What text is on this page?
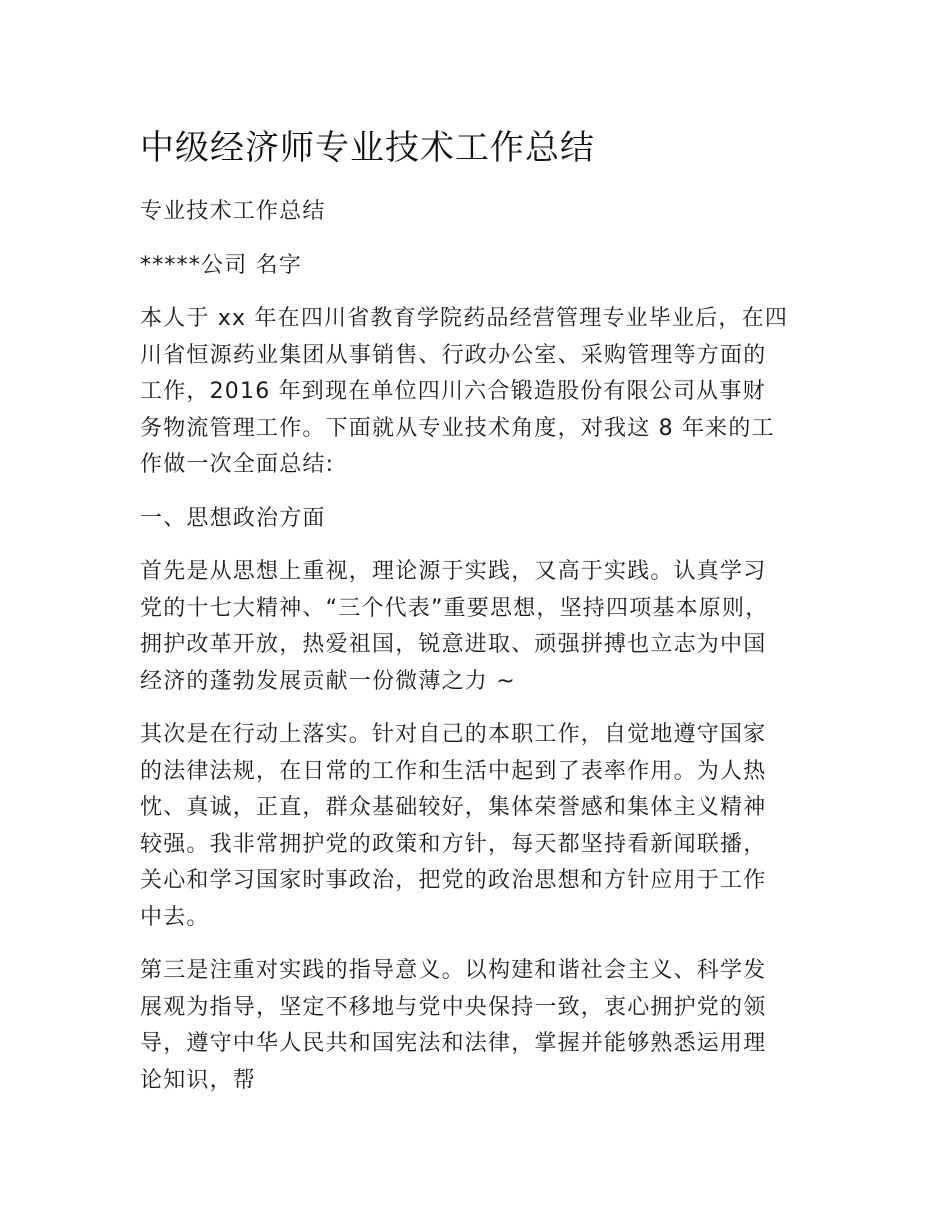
中级经济师专业技术工作总结

专业技术工作总结

*****公司 名字

本人于 xx 年在四川省教育学院药品经营管理专业毕业后，在四
川省恒源药业集团从事销售、行政办公室、采购管理等方面的
工作，2016 年到现在单位四川六合锻造股份有限公司从事财
务物流管理工作。下面就从专业技术角度，对我这 8 年来的工
作做一次全面总结:

一、思想政治方面

首先是从思想上重视，理论源于实践，又高于实践。认真学习
党的十七大精神、“三个代表”重要思想，坚持四项基本原则，
拥护改革开放，热爱祖国，锐意进取、顽强拼搏也立志为中国
经济的蓬勃发展贡献一份微薄之力 ~

其次是在行动上落实。针对自己的本职工作，自觉地遵守国家
的法律法规，在日常的工作和生活中起到了表率作用。为人热
忱、真诚，正直，群众基础较好，集体荣誉感和集体主义精神
较强。我非常拥护党的政策和方针，每天都坚持看新闻联播，
关心和学习国家时事政治，把党的政治思想和方针应用于工作
中去。

第三是注重对实践的指导意义。以构建和谐社会主义、科学发
展观为指导，坚定不移地与党中央保持一致，衷心拥护党的领
导，遵守中华人民共和国宪法和法律，掌握并能够熟悉运用理
论知识，帮
